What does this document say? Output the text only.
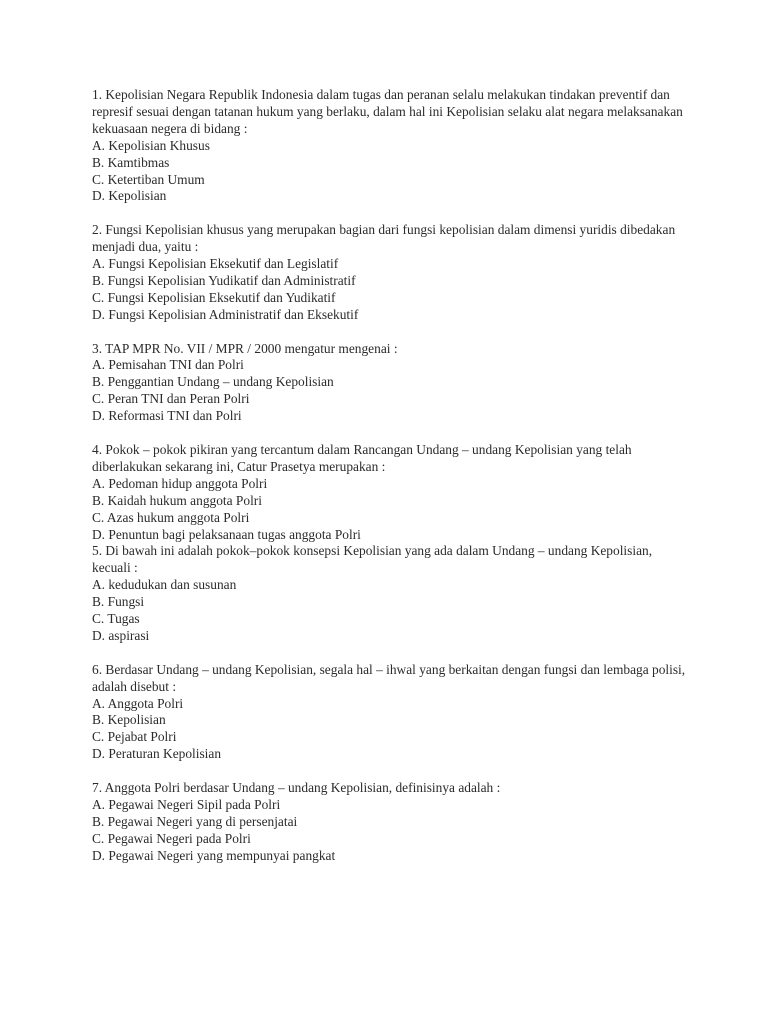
1. Kepolisian Negara Republik Indonesia dalam tugas dan peranan selalu melakukan tindakan preventif dan represif sesuai dengan tatanan hukum yang berlaku, dalam hal ini Kepolisian selaku alat negara melaksanakan kekuasaan negera di bidang :
A. Kepolisian Khusus
B. Kamtibmas
C. Ketertiban Umum
D. Kepolisian
2. Fungsi Kepolisian khusus yang merupakan bagian dari fungsi kepolisian dalam dimensi yuridis dibedakan menjadi dua, yaitu :
A. Fungsi Kepolisian Eksekutif dan Legislatif
B. Fungsi Kepolisian Yudikatif dan Administratif
C. Fungsi Kepolisian Eksekutif dan Yudikatif
D. Fungsi Kepolisian Administratif dan Eksekutif
3. TAP MPR No. VII / MPR / 2000 mengatur mengenai :
A. Pemisahan TNI dan Polri
B. Penggantian Undang – undang Kepolisian
C. Peran TNI dan Peran Polri
D. Reformasi TNI dan Polri
4. Pokok – pokok pikiran yang tercantum dalam Rancangan Undang – undang Kepolisian yang telah diberlakukan sekarang ini, Catur Prasetya merupakan :
A. Pedoman hidup anggota Polri
B. Kaidah hukum anggota Polri
C. Azas hukum anggota Polri
D. Penuntun bagi pelaksanaan tugas anggota Polri
5. Di bawah ini adalah pokok–pokok konsepsi Kepolisian yang ada dalam Undang – undang Kepolisian, kecuali :
A. kedudukan dan susunan
B. Fungsi
C. Tugas
D. aspirasi
6. Berdasar Undang – undang Kepolisian, segala hal – ihwal yang berkaitan dengan fungsi dan lembaga polisi, adalah disebut :
A. Anggota Polri
B. Kepolisian
C. Pejabat Polri
D. Peraturan Kepolisian
7. Anggota Polri berdasar Undang – undang Kepolisian, definisinya adalah :
A. Pegawai Negeri Sipil pada Polri
B. Pegawai Negeri yang di persenjatai
C. Pegawai Negeri pada Polri
D. Pegawai Negeri yang mempunyai pangkat
